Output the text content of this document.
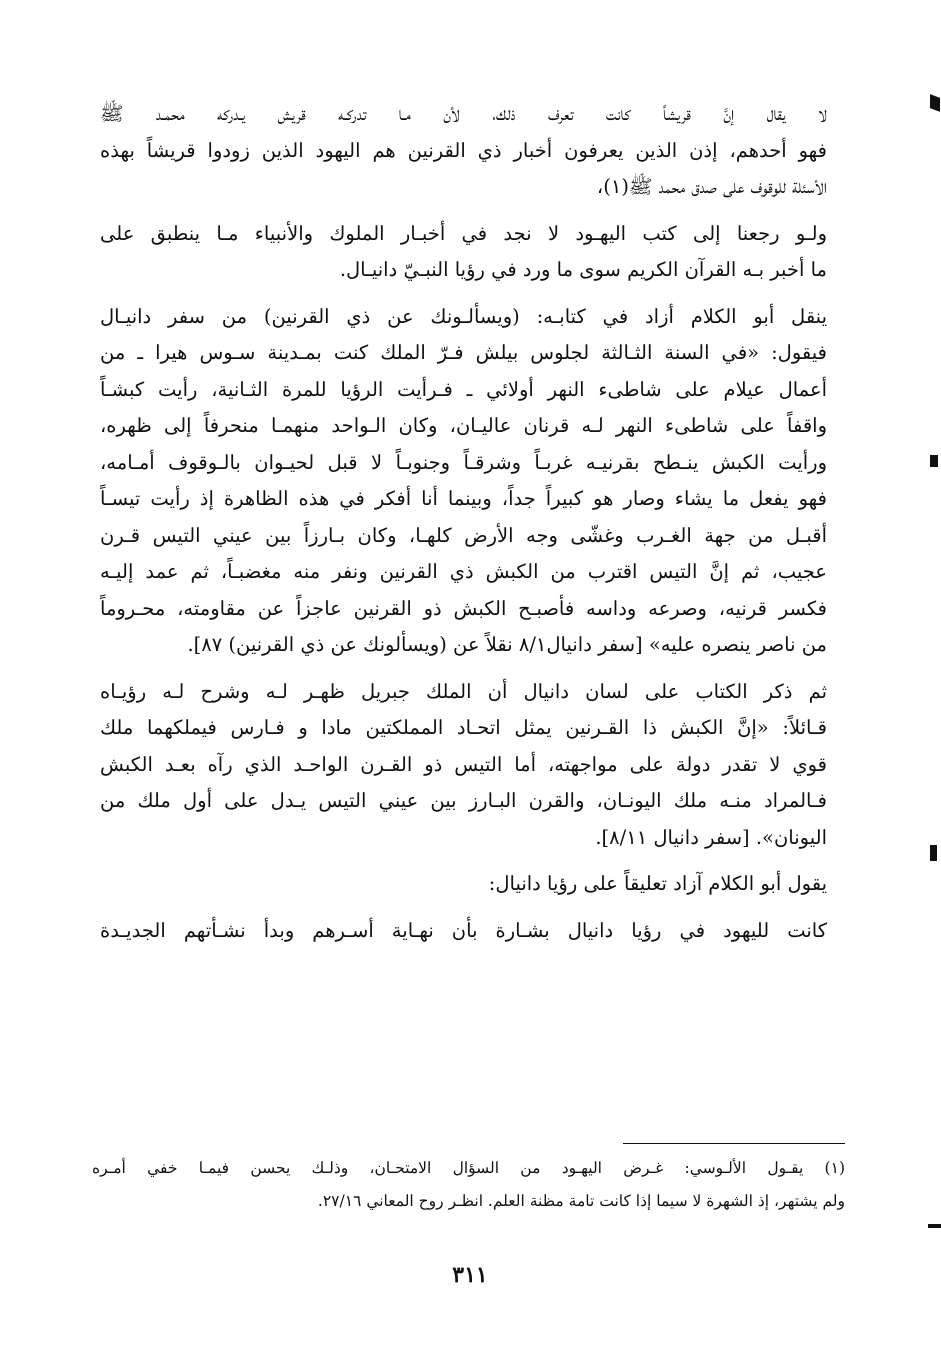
لا يقال إنَّ قريشاً كانت تعرف ذلك، لأن مـا تدركـه قريش يـدركه محمـد ﷺ
فهو أحدهم، إذن الذين يعرفون أخبار ذي القرنين هم اليهود الذين زودوا قريشاً بهذه
الأسئلة للوقوف على صدق محمد ﷺ(١)،
ولـو رجعنا إلى كتب اليهـود لا نجد في أخبـار الملوك والأنبياء مـا ينطبق على
ما أخبر بـه القرآن الكريم سوى ما ورد في رؤيا النبـيّ دانيـال.
ينقل أبو الكلام أزاد في كتابـه: (ويسألـونك عن ذي القرنين) من سفر دانيـال
فيقول: «في السنة الثـالثة لجلوس بيلش فـرّ الملك كنت بمـدينة سـوس هيرا ـ من
أعمال عيلام على شاطىء النهر أولائي ـ فـرأيت الرؤيا للمرة الثـانية، رأيت كبشـاً
واقفاً على شاطىء النهر لـه قرنان عاليـان، وكان الـواحد منهمـا منحرفاً إلى ظهره،
ورأيت الكبش ينـطح بقرنيـه غربـاً وشرقـاً وجنوبـاً لا قبل لحيـوان بالـوقوف أمـامه،
فهو يفعل ما يشاء وصار هو كبيراً جداً، وبينما أنا أفكر في هذه الظاهرة إذ رأيت تيسـاً
أقبـل من جهة الغـرب وغشّى وجه الأرض كلهـا، وكان بـارزاً بين عيني التيس قـرن
عجيب، ثم إنَّ التيس اقترب من الكبش ذي القرنين ونفر منه مغضبـاً، ثم عمد إليـه
فكسر قرنيه، وصرعه وداسه فأصبـح الكبش ذو القرنين عاجزاً عن مقاومته، محـروماً
من ناصر ينصره عليه» [سفر دانيال٨/١ نقلاً عن (ويسألونك عن ذي القرنين) ٨٧].
ثم ذكر الكتاب على لسان دانيال أن الملك جبريل ظهـر لـه وشرح لـه رؤيـاه
قـائلاً: «إنَّ الكبش ذا القـرنين يمثل اتحـاد المملكتين مادا و فـارس فيملكهما ملك
قوي لا تقدر دولة على مواجهته، أما التيس ذو القـرن الواحـد الذي رآه بعـد الكبش
فـالمراد منـه ملك اليونـان، والقرن البـارز بين عيني التيس يـدل على أول ملك من
اليونان». [سفر دانيال ٨/١١].
يقول أبو الكلام آزاد تعليقاً على رؤيا دانيال:
كانت لليهود في رؤيا دانيال بشـارة بأن نهـاية أسـرهم وبدأ نشـأتهم الجديـدة
(١) يقـول الألـوسي: غـرض اليهـود من السؤال الامتحـان، وذلـك يحسن فيمـا خفي أمـره
ولم يشتهر، إذ الشهرة لا سيما إذا كانت تامة مظنة العلم. انظـر روح المعاني ٢٧/١٦.
٣١١
